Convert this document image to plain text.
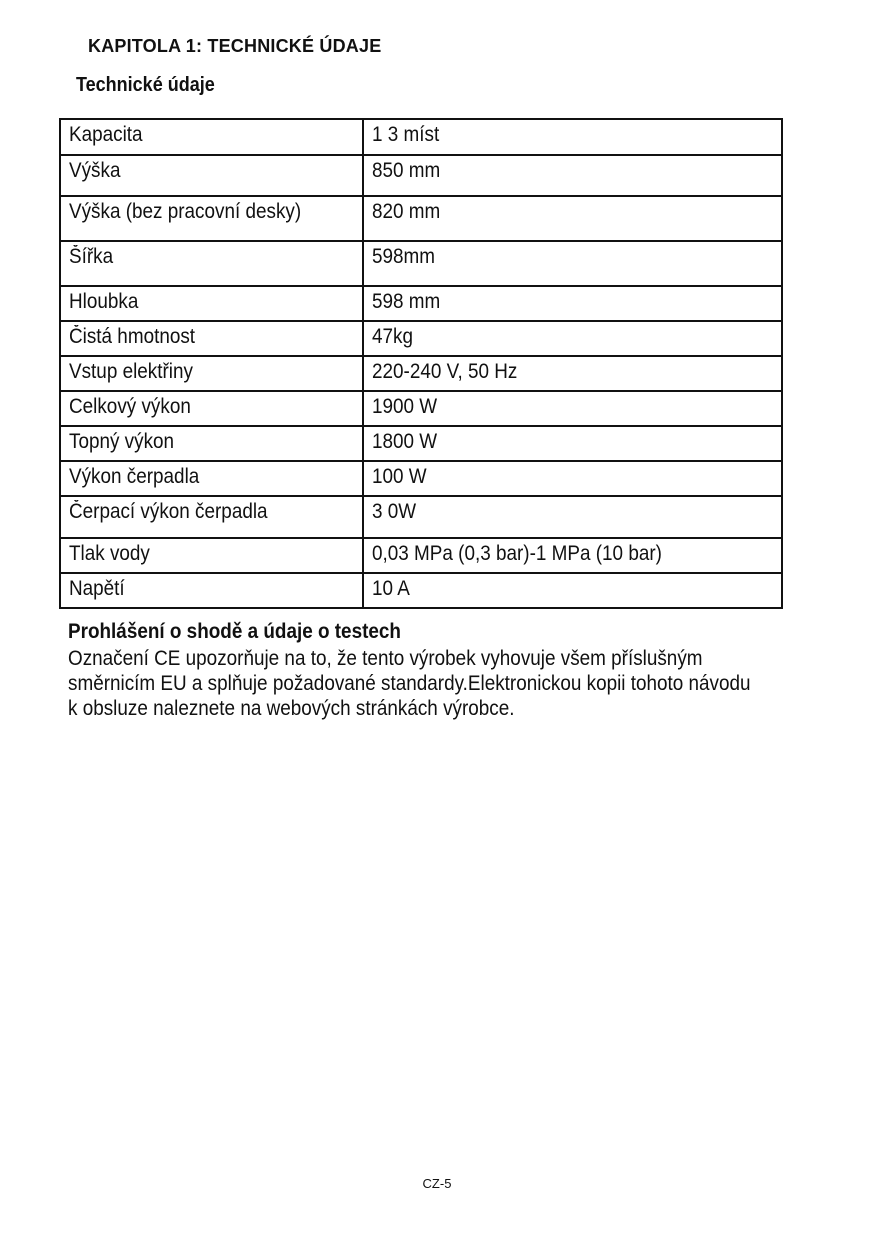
KAPITOLA 1: TECHNICKÉ ÚDAJE
Technické údaje
Kapacita	1 3 míst
Výška	850 mm
Výška (bez pracovní desky)	820 mm
Šířka	598mm
Hloubka	598 mm
Čistá hmotnost	47kg
Vstup elektřiny	220-240 V, 50 Hz
Celkový výkon	1900 W
Topný výkon	1800 W
Výkon čerpadla	100 W
Čerpací výkon čerpadla	3 0W
Tlak vody	0,03 MPa (0,3 bar)-1 MPa (10 bar)
Napětí	10 A
Prohlášení o shodě a údaje o testech
Označení CE upozorňuje na to, že tento výrobek vyhovuje všem příslušným směrnicím EU a splňuje požadované standardy.Elektronickou kopii tohoto návodu k obsluze naleznete na webových stránkách výrobce.
CZ-5
